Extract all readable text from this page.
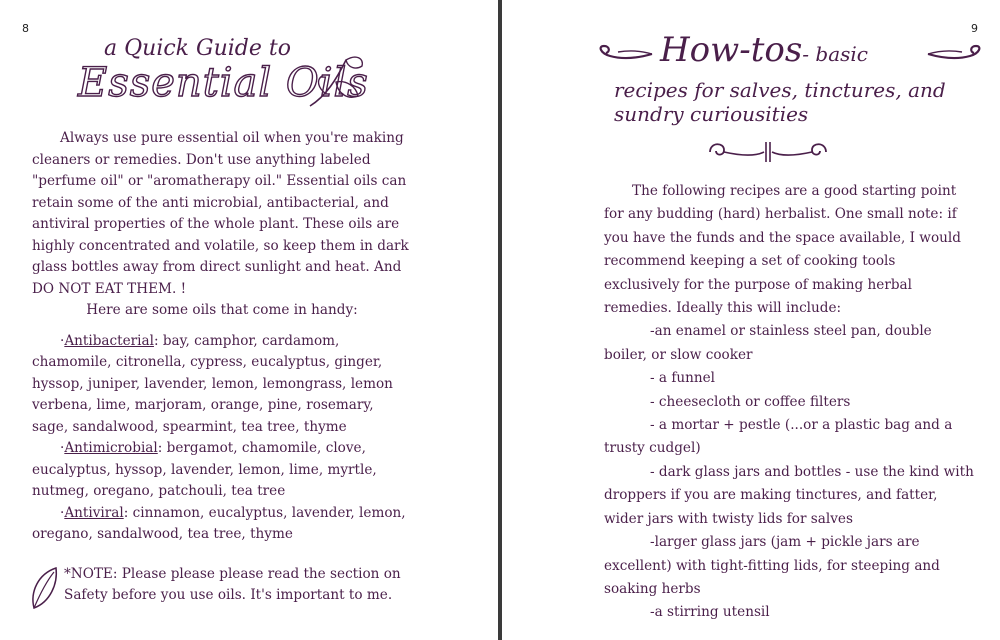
8
a Quick Guide to
Essential Oils

Always use pure essential oil when you're making cleaners or remedies. Don't use anything labeled "perfume oil" or "aromatherapy oil." Essential oils can retain some of the anti microbial, antibacterial, and antiviral properties of the whole plant. These oils are highly concentrated and volatile, so keep them in dark glass bottles away from direct sunlight and heat. And DO NOT EAT THEM. !

Here are some oils that come in handy:

·Antibacterial: bay, camphor, cardamom, chamomile, citronella, cypress, eucalyptus, ginger, hyssop, juniper, lavender, lemon, lemongrass, lemon verbena, lime, marjoram, orange, pine, rosemary, sage, sandalwood, spearmint, tea tree, thyme

·Antimicrobial: bergamot, chamomile, clove, eucalyptus, hyssop, lavender, lemon, lime, myrtle, nutmeg, oregano, patchouli, tea tree

·Antiviral: cinnamon, eucalyptus, lavender, lemon, oregano, sandalwood, tea tree, thyme

*NOTE: Please please please read the section on Safety before you use oils. It's important to me.
9
How-tos- basic
recipes for salves, tinctures, and sundry curiousities

The following recipes are a good starting point for any budding (hard) herbalist. One small note: if you have the funds and the space available, I would recommend keeping a set of cooking tools exclusively for the purpose of making herbal remedies. Ideally this will include:

-an enamel or stainless steel pan, double boiler, or slow cooker

- a funnel

- cheesecloth or coffee filters

- a mortar + pestle (...or a plastic bag and a trusty cudgel)

- dark glass jars and bottles - use the kind with droppers if you are making tinctures, and fatter, wider jars with twisty lids for salves

-larger glass jars (jam + pickle jars are excellent) with tight-fitting lids, for steeping and soaking herbs

-a stirring utensil
